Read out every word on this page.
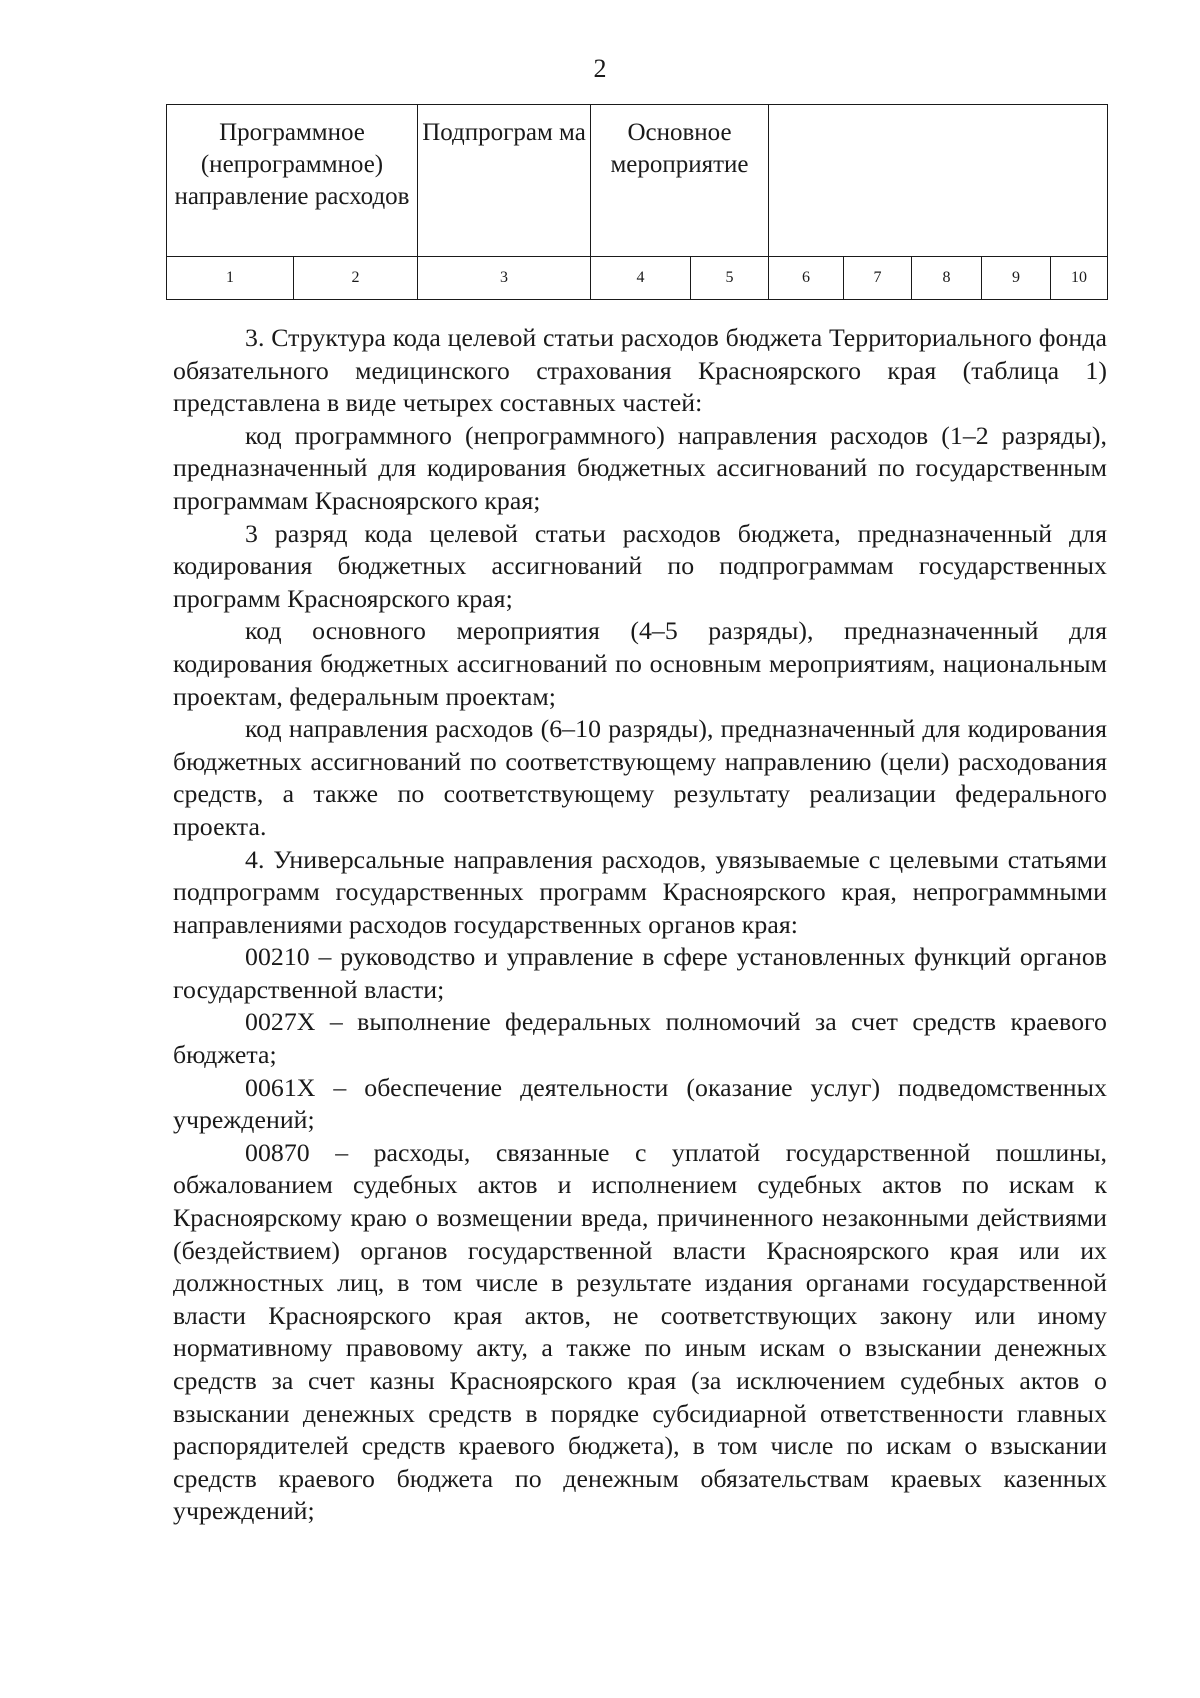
2
Программное (непрограммное) направление расходов		Подпрограм ма	Основное мероприятие						
1	2	3	4	5	6	7	8	9	10

3. Структура кода целевой статьи расходов бюджета Территориального фонда обязательного медицинского страхования Красноярского края (таблица 1) представлена в виде четырех составных частей:

код программного (непрограммного) направления расходов (1–2 разряды), предназначенный для кодирования бюджетных ассигнований по государственным программам Красноярского края;

3 разряд кода целевой статьи расходов бюджета, предназначенный для кодирования бюджетных ассигнований по подпрограммам государственных программ Красноярского края;

код основного мероприятия (4–5 разряды), предназначенный для кодирования бюджетных ассигнований по основным мероприятиям, национальным проектам, федеральным проектам;

код направления расходов (6–10 разряды), предназначенный для кодирования бюджетных ассигнований по соответствующему направлению (цели) расходования средств, а также по соответствующему результату реализации федерального проекта.

4. Универсальные направления расходов, увязываемые с целевыми статьями подпрограмм государственных программ Красноярского края, непрограммными направлениями расходов государственных органов края:

00210 – руководство и управление в сфере установленных функций органов государственной власти;

0027Х – выполнение федеральных полномочий за счет средств краевого бюджета;

0061Х – обеспечение деятельности (оказание услуг) подведомственных учреждений;

00870 – расходы, связанные с уплатой государственной пошлины, обжалованием судебных актов и исполнением судебных актов по искам к Красноярскому краю о возмещении вреда, причиненного незаконными действиями (бездействием) органов государственной власти Красноярского края или их должностных лиц, в том числе в результате издания органами государственной власти Красноярского края актов, не соответствующих закону или иному нормативному правовому акту, а также по иным искам о взыскании денежных средств за счет казны Красноярского края (за исключением судебных актов о взыскании денежных средств в порядке субсидиарной ответственности главных распорядителей средств краевого бюджета), в том числе по искам о взыскании средств краевого бюджета по денежным обязательствам краевых казенных учреждений;
